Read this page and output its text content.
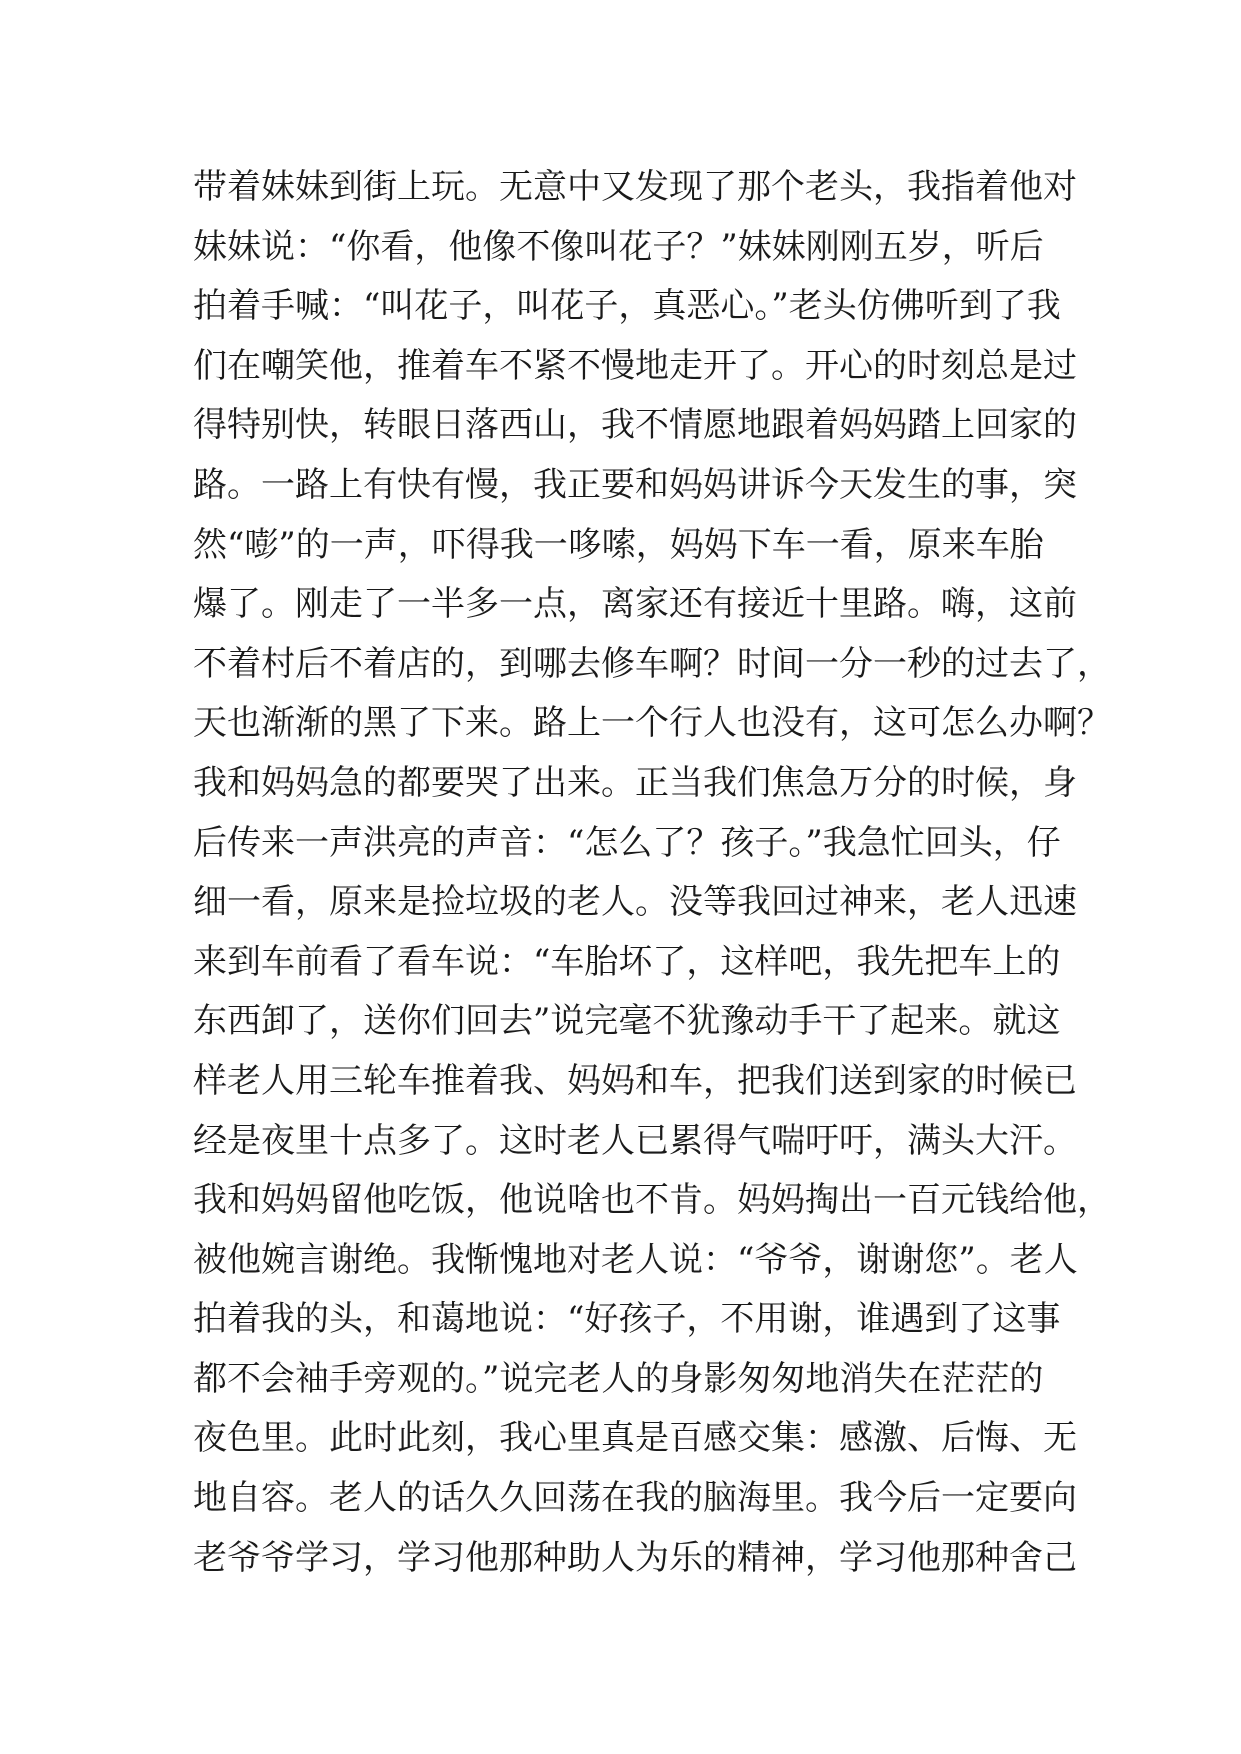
带着妹妹到街上玩。无意中又发现了那个老头，我指着他对
妹妹说：“你看，他像不像叫花子？”妹妹刚刚五岁，听后
拍着手喊：“叫花子，叫花子，真恶心。”老头仿佛听到了我
们在嘲笑他，推着车不紧不慢地走开了。开心的时刻总是过
得特别快，转眼日落西山，我不情愿地跟着妈妈踏上回家的
路。一路上有快有慢，我正要和妈妈讲诉今天发生的事，突
然“嘭”的一声，吓得我一哆嗦，妈妈下车一看，原来车胎
爆了。刚走了一半多一点，离家还有接近十里路。嗨，这前
不着村后不着店的，到哪去修车啊？时间一分一秒的过去了，
天也渐渐的黑了下来。路上一个行人也没有，这可怎么办啊？
我和妈妈急的都要哭了出来。正当我们焦急万分的时候，身
后传来一声洪亮的声音：“怎么了？孩子。”我急忙回头，仔
细一看，原来是捡垃圾的老人。没等我回过神来，老人迅速
来到车前看了看车说：“车胎坏了，这样吧，我先把车上的
东西卸了，送你们回去”说完毫不犹豫动手干了起来。就这
样老人用三轮车推着我、妈妈和车，把我们送到家的时候已
经是夜里十点多了。这时老人已累得气喘吁吁，满头大汗。
我和妈妈留他吃饭，他说啥也不肯。妈妈掏出一百元钱给他，
被他婉言谢绝。我惭愧地对老人说：“爷爷，谢谢您”。老人
拍着我的头，和蔼地说：“好孩子，不用谢，谁遇到了这事
都不会袖手旁观的。”说完老人的身影匆匆地消失在茫茫的
夜色里。此时此刻，我心里真是百感交集：感激、后悔、无
地自容。老人的话久久回荡在我的脑海里。我今后一定要向
老爷爷学习，学习他那种助人为乐的精神，学习他那种舍己
